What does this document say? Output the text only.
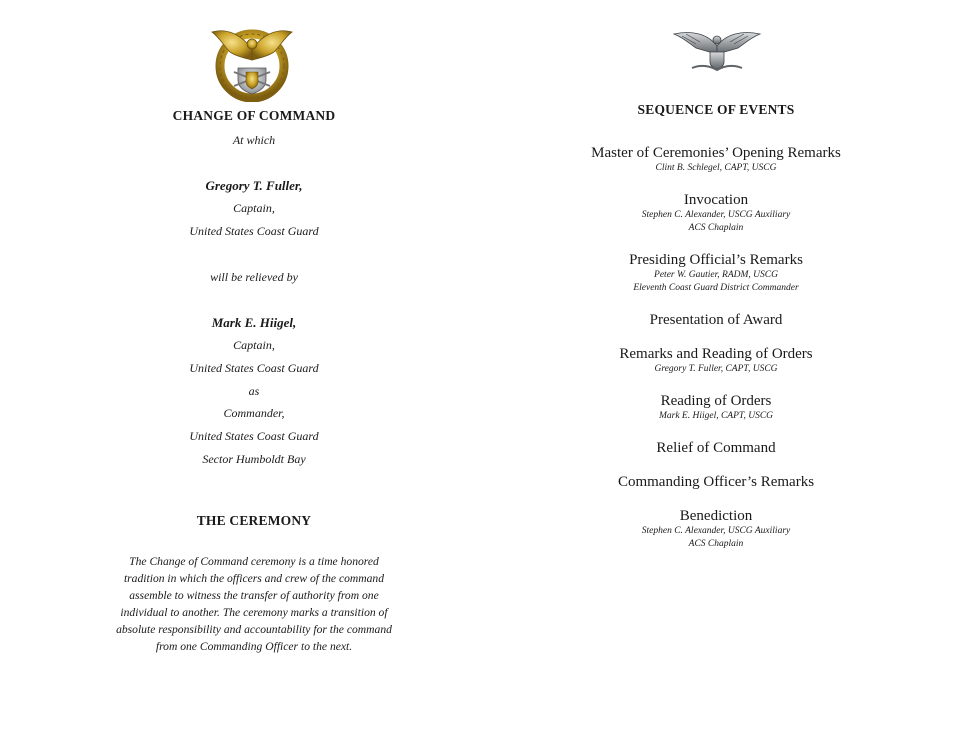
CHANGE OF COMMAND
At which
Gregory T. Fuller,
Captain,
United States Coast Guard
will be relieved by
Mark E. Hiigel,
Captain,
United States Coast Guard
as
Commander,
United States Coast Guard
Sector Humboldt Bay
THE CEREMONY
The Change of Command ceremony is a time honored tradition in which the officers and crew of the command assemble to witness the transfer of authority from one individual to another. The ceremony marks a transition of absolute responsibility and accountability for the command from one Commanding Officer to the next.
SEQUENCE OF EVENTS
Master of Ceremonies’ Opening Remarks
Clint B. Schlegel, CAPT, USCG
Invocation
Stephen C. Alexander, USCG Auxiliary
ACS Chaplain
Presiding Official’s Remarks
Peter W. Gautier, RADM, USCG
Eleventh Coast Guard District Commander
Presentation of Award
Remarks and Reading of Orders
Gregory T. Fuller, CAPT, USCG
Reading of Orders
Mark E. Hiigel, CAPT, USCG
Relief of Command
Commanding Officer’s Remarks
Benediction
Stephen C. Alexander, USCG Auxiliary
ACS Chaplain
